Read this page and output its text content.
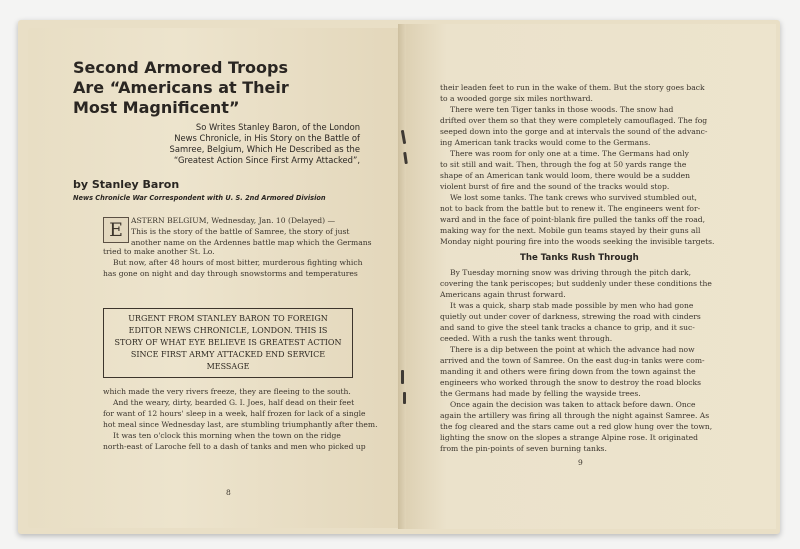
Second Armored Troops
Are “Americans at Their
Most Magnificent”
So Writes Stanley Baron, of the London
News Chronicle, in His Story on the Battle of
Samree, Belgium, Which He Described as the
“Greatest Action Since First Army Attacked”,
by Stanley Baron
News Chronicle War Correspondent with U. S. 2nd Armored Division
E	ASTERN BELGIUM, Wednesday, Jan. 10 (Delayed) —

This is the story of the battle of Samree, the story of just

another name on the Ardennes battle map which the Germans

tried to make another St. Lo.

But now, after 48 hours of most bitter, murderous fighting which

has gone on night and day through snowstorms and temperatures

URGENT FROM STANLEY BARON TO FOREIGN
EDITOR NEWS CHRONICLE, LONDON. THIS IS
STORY OF WHAT EYE BELIEVE IS GREATEST ACTION
SINCE FIRST ARMY ATTACKED END SERVICE
MESSAGE

which made the very rivers freeze, they are fleeing to the south.

And the weary, dirty, bearded G. I. Joes, half dead on their feet

for want of 12 hours' sleep in a week, half frozen for lack of a single

hot meal since Wednesday last, are stumbling triumphantly after them.

It was ten o'clock this morning when the town on the ridge

north-east of Laroche fell to a dash of tanks and men who picked up

8

their leaden feet to run in the wake of them. But the story goes back

to a wooded gorge six miles northward.

There were ten Tiger tanks in those woods. The snow had

drifted over them so that they were completely camouflaged. The fog

seeped down into the gorge and at intervals the sound of the advanc-

ing American tank tracks would come to the Germans.

There was room for only one at a time. The Germans had only

to sit still and wait. Then, through the fog at 50 yards range the

shape of an American tank would loom, there would be a sudden

violent burst of fire and the sound of the tracks would stop.

We lost some tanks. The tank crews who survived stumbled out,

not to back from the battle but to renew it. The engineers went for-

ward and in the face of point-blank fire pulled the tanks off the road,

making way for the next. Mobile gun teams stayed by their guns all

Monday night pouring fire into the woods seeking the invisible targets.

The Tanks Rush Through

By Tuesday morning snow was driving through the pitch dark,

covering the tank periscopes; but suddenly under these conditions the

Americans again thrust forward.

It was a quick, sharp stab made possible by men who had gone

quietly out under cover of darkness, strewing the road with cinders

and sand to give the steel tank tracks a chance to grip, and it suc-

ceeded. With a rush the tanks went through.

There is a dip between the point at which the advance had now

arrived and the town of Samree. On the east dug-in tanks were com-

manding it and others were firing down from the town against the

engineers who worked through the snow to destroy the road blocks

the Germans had made by felling the wayside trees.

Once again the decision was taken to attack before dawn. Once

again the artillery was firing all through the night against Samree. As

the fog cleared and the stars came out a red glow hung over the town,

lighting the snow on the slopes a strange Alpine rose. It originated

from the pin-points of seven burning tanks.

9
